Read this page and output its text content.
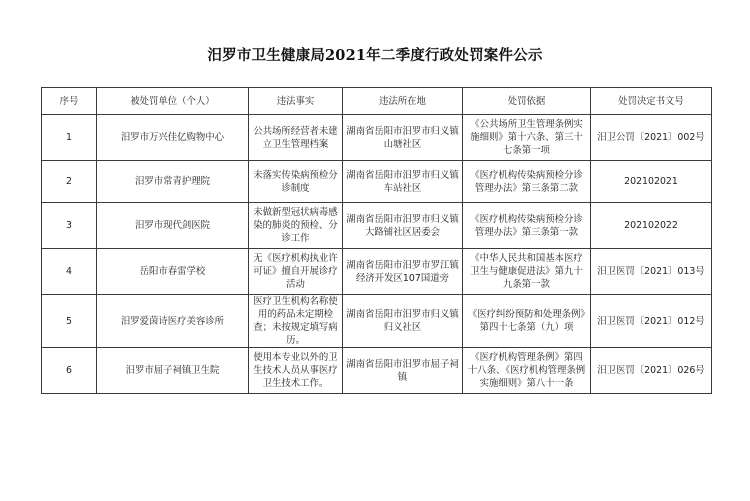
汨罗市卫生健康局2021年二季度行政处罚案件公示
序号	被处罚单位（个人）	违法事实	违法所在地	处罚依据	处罚决定书文号
1	汨罗市万兴佳亿购物中心	公共场所经营者未建立卫生管理档案	湖南省岳阳市汨罗市归义镇山塘社区	《公共场所卫生管理条例实施细则》第十六条、第三十七条第一项	汨卫公罚〔2021〕002号
2	汨罗市常青护理院	未落实传染病预检分诊制度	湖南省岳阳市汨罗市归义镇车站社区	《医疗机构传染病预检分诊管理办法》第三条第二款	202102021
3	汨罗市现代剑医院	未做新型冠状病毒感染的肺炎的预检、分诊工作	湖南省岳阳市汨罗市归义镇大路铺社区居委会	《医疗机构传染病预检分诊管理办法》第三条第一款	202102022
4	岳阳市春雷学校	无《医疗机构执业许可证》擅自开展诊疗活动	湖南省岳阳市汨罗市罗江镇经济开发区107国道旁	《中华人民共和国基本医疗卫生与健康促进法》第九十九条第一款	汨卫医罚〔2021〕013号
5	汨罗爱茵诗医疗美容诊所	医疗卫生机构名称使用的药品未定期检查；未按规定填写病历。	湖南省岳阳市汨罗市归义镇归义社区	《医疗纠纷预防和处理条例》第四十七条第（九）项	汨卫医罚〔2021〕012号
6	汨罗市屈子祠镇卫生院	使用本专业以外的卫生技术人员从事医疗卫生技术工作。	湖南省岳阳市汨罗市屈子祠镇	《医疗机构管理条例》第四十八条、《医疗机构管理条例实施细则》第八十一条	汨卫医罚〔2021〕026号
